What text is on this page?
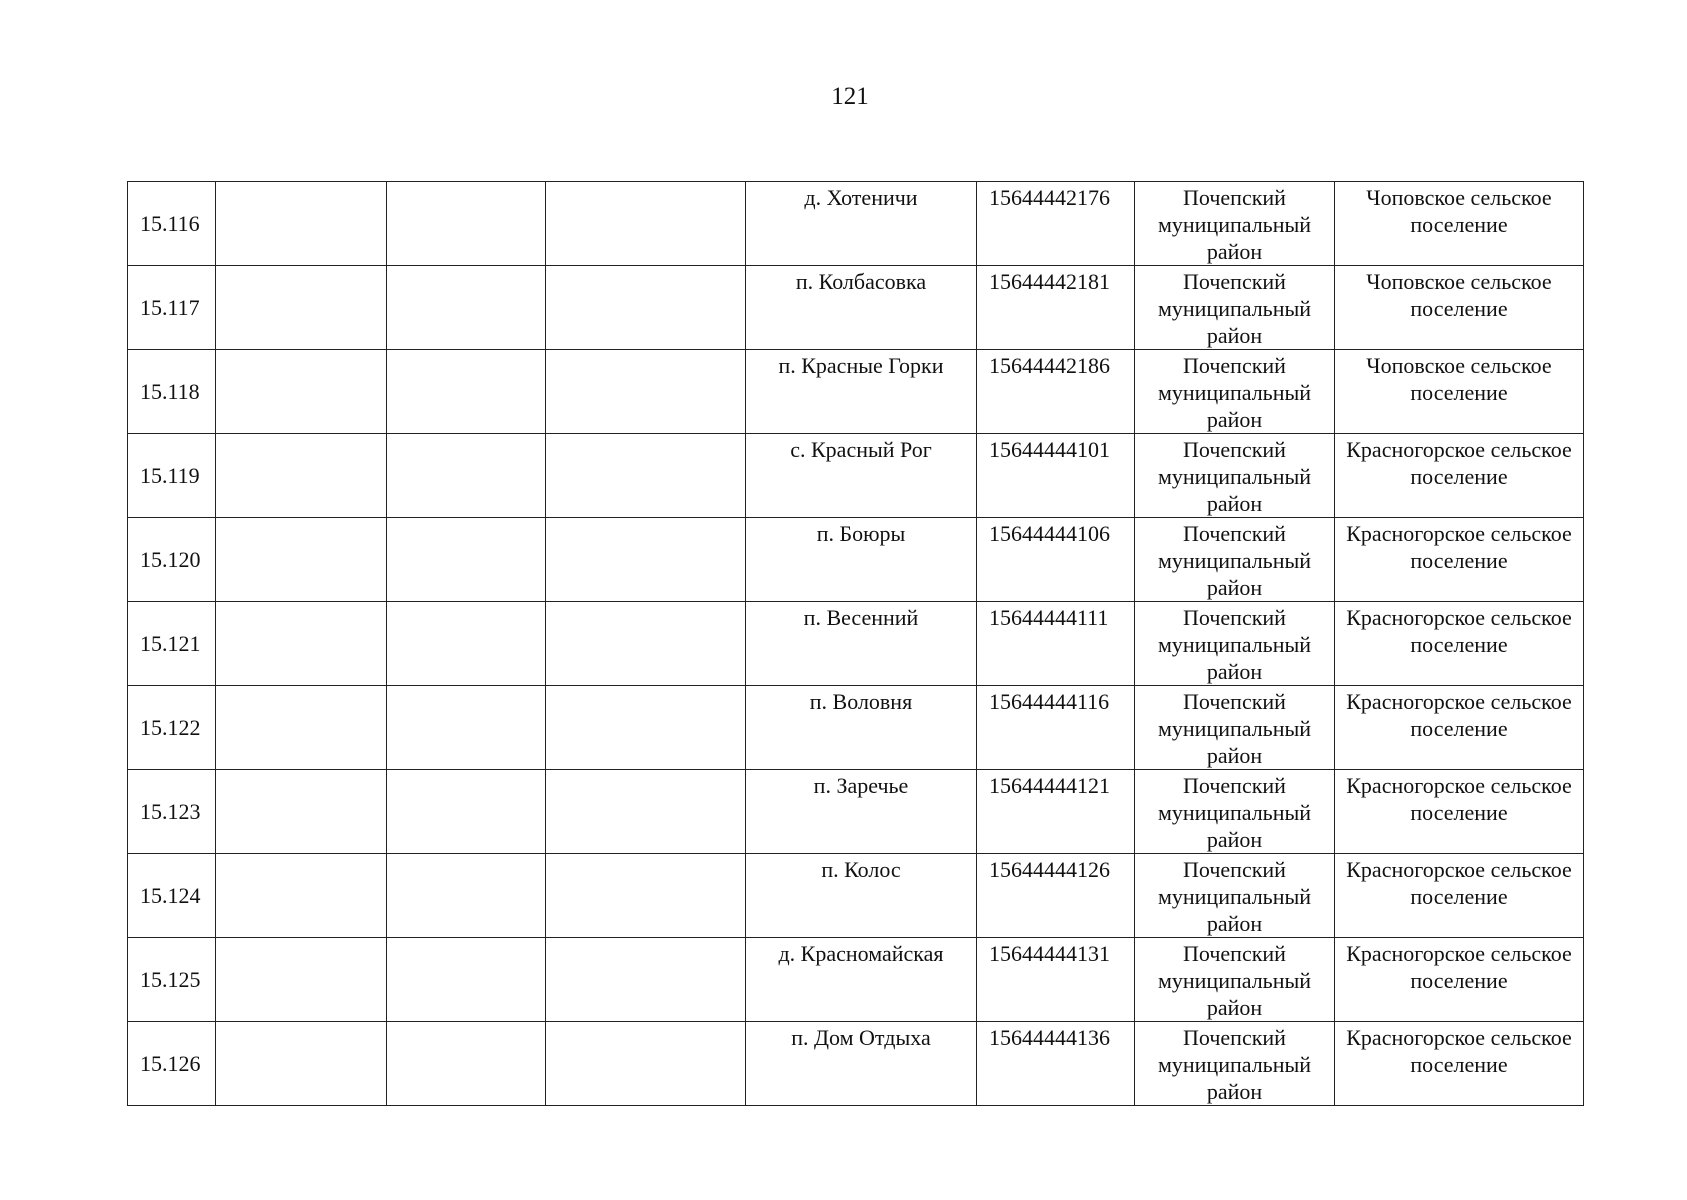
121
15.116				д. Хотеничи	15644442176	Почепский муниципальный район	Чоповское сельское поселение
15.117				п. Колбасовка	15644442181	Почепский муниципальный район	Чоповское сельское поселение
15.118				п. Красные Горки	15644442186	Почепский муниципальный район	Чоповское сельское поселение
15.119				с. Красный Рог	15644444101	Почепский муниципальный район	Красногорское сельское поселение
15.120				п. Боюры	15644444106	Почепский муниципальный район	Красногорское сельское поселение
15.121				п. Весенний	15644444111	Почепский муниципальный район	Красногорское сельское поселение
15.122				п. Воловня	15644444116	Почепский муниципальный район	Красногорское сельское поселение
15.123				п. Заречье	15644444121	Почепский муниципальный район	Красногорское сельское поселение
15.124				п. Колос	15644444126	Почепский муниципальный район	Красногорское сельское поселение
15.125				д. Красномайская	15644444131	Почепский муниципальный район	Красногорское сельское поселение
15.126				п. Дом Отдыха	15644444136	Почепский муниципальный район	Красногорское сельское поселение
